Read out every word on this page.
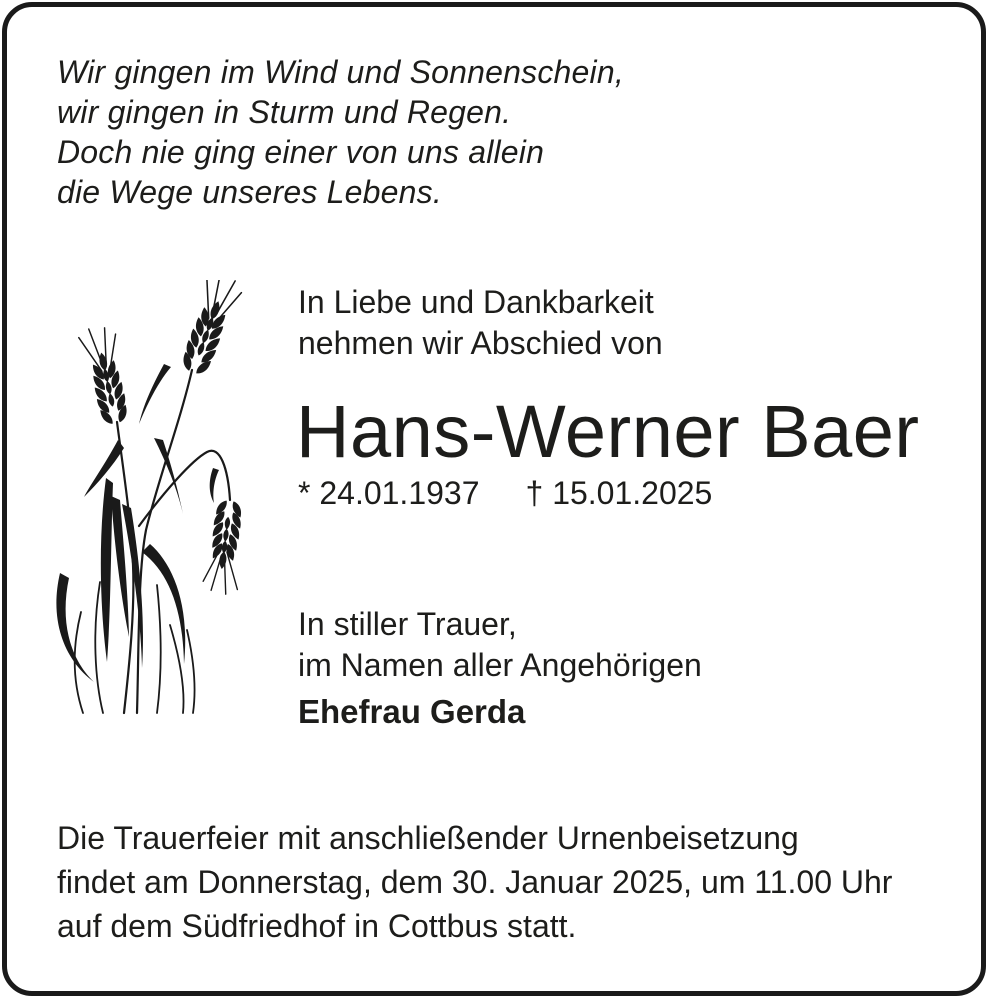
Wir gingen im Wind und Sonnenschein,
wir gingen in Sturm und Regen.
Doch nie ging einer von uns allein
die Wege unseres Lebens.
In Liebe und Dankbarkeit
nehmen wir Abschied von
Hans-Werner Baer
* 24.01.1937 † 15.01.2025
In stiller Trauer,
im Namen aller Angehörigen
Ehefrau Gerda
Die Trauerfeier mit anschließender Urnenbeisetzung
findet am Donnerstag, dem 30. Januar 2025, um 11.00 Uhr
auf dem Südfriedhof in Cottbus statt.
